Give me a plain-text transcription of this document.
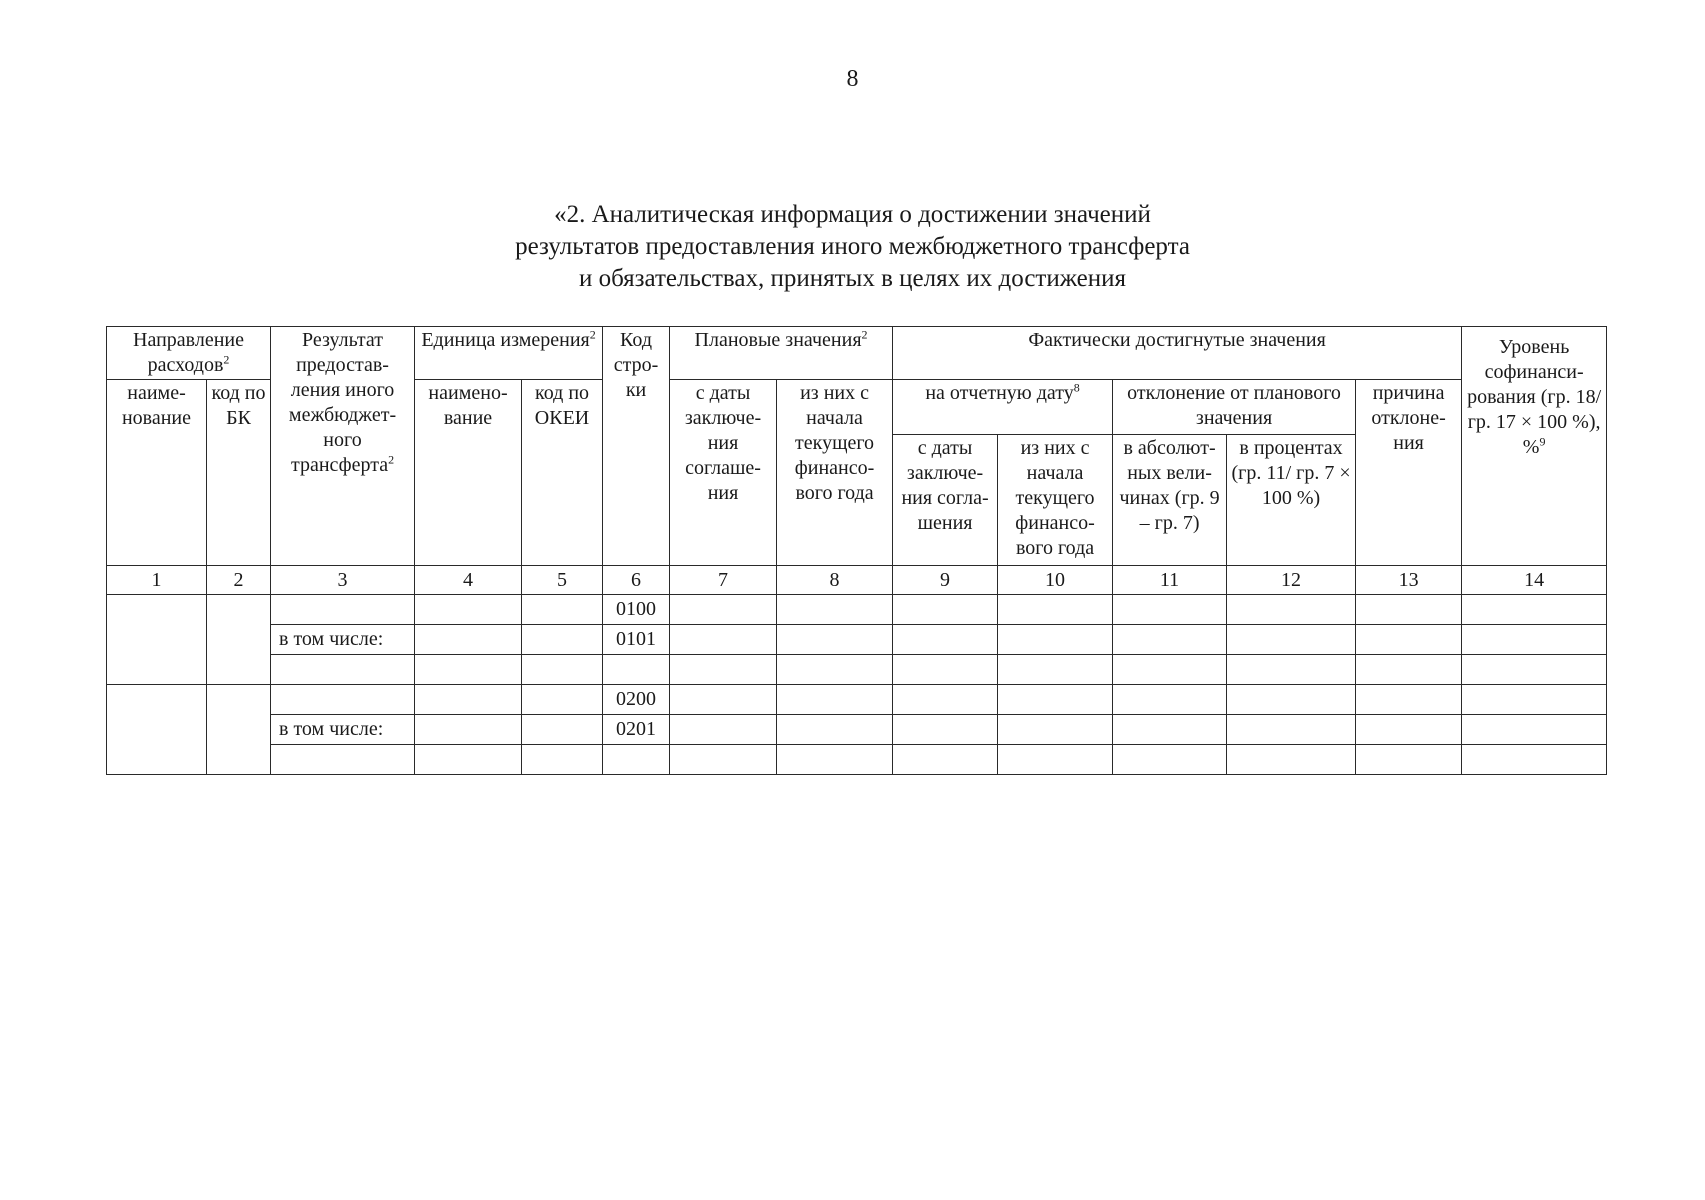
8
«2. Аналитическая информация о достижении значений
результатов предоставления иного межбюджетного трансферта
и обязательствах, принятых в целях их достижения
Направление расходов$^2$		Результат предостав-ления иного межбюджет-ного трансферта$^2$	Единица измерения$^2$		Код стро-ки	Плановые значения$^2$		Фактически достигнутые значения					Уровень софинанси-рования (гр. 18/ гр. 17 × 100 %), %$^9$
наиме-нование	код по БК		наимено-вание	код по ОКЕИ		с даты заключе-ния соглаше-ния	из них с начала текущего финансо-вого года	на отчетную дату$^8$		отклонение от планового значения		причина отклоне-ния	
								с даты заключе-ния согла-шения	из них с начала текущего финансо-вого года	в абсолют-ных вели-чинах (гр. 9 – гр. 7)	в процентах (гр. 11/ гр. 7 × 100 %)		
1	2	3	4	5	6	7	8	9	10	11	12	13	14
					0100								
		в том числе:			0101								

					0200								
		в том числе:			0201								
